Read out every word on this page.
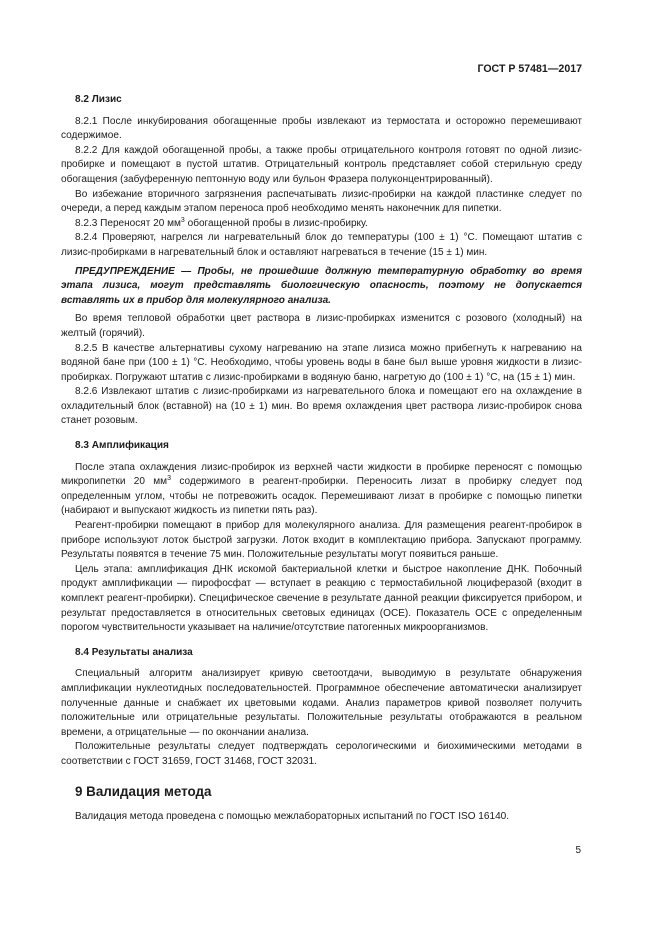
ГОСТ Р 57481—2017
8.2 Лизис

8.2.1 После инкубирования обогащенные пробы извлекают из термостата и осторожно перемешивают содержимое.

8.2.2 Для каждой обогащенной пробы, а также пробы отрицательного контроля готовят по одной лизис-пробирке и помещают в пустой штатив. Отрицательный контроль представляет собой стерильную среду обогащения (забуференную пептонную воду или бульон Фразера полуконцентрированный).

Во избежание вторичного загрязнения распечатывать лизис-пробирки на каждой пластинке следует по очереди, а перед каждым этапом переноса проб необходимо менять наконечник для пипетки.

8.2.3 Переносят 20 $мм^3$ обогащенной пробы в лизис-пробирку.

8.2.4 Проверяют, нагрелся ли нагревательный блок до температуры (100 ± 1) °С. Помещают штатив с лизис-пробирками в нагревательный блок и оставляют нагреваться в течение (15 ± 1) мин.

ПРЕДУПРЕЖДЕНИЕ — Пробы, не прошедшие должную температурную обработку во время этапа лизиса, могут представлять биологическую опасность, поэтому не допускается вставлять их в прибор для молекулярного анализа.

Во время тепловой обработки цвет раствора в лизис-пробирках изменится с розового (холодный) на желтый (горячий).

8.2.5 В качестве альтернативы сухому нагреванию на этапе лизиса можно прибегнуть к нагреванию на водяной бане при (100 ± 1) °С. Необходимо, чтобы уровень воды в бане был выше уровня жидкости в лизис-пробирках. Погружают штатив с лизис-пробирками в водяную баню, нагретую до (100 ± 1) °С, на (15 ± 1) мин.

8.2.6 Извлекают штатив с лизис-пробирками из нагревательного блока и помещают его на охлаждение в охладительный блок (вставной) на (10 ± 1) мин. Во время охлаждения цвет раствора лизис-пробирок снова станет розовым.

8.3 Амплификация

После этапа охлаждения лизис-пробирок из верхней части жидкости в пробирке переносят с помощью микропипетки 20 $мм^3$ содержимого в реагент-пробирки. Переносить лизат в пробирку следует под определенным углом, чтобы не потревожить осадок. Перемешивают лизат в пробирке с помощью пипетки (набирают и выпускают жидкость из пипетки пять раз).

Реагент-пробирки помещают в прибор для молекулярного анализа. Для размещения реагент-пробирок в приборе используют лоток быстрой загрузки. Лоток входит в комплектацию прибора. Запускают программу. Результаты появятся в течение 75 мин. Положительные результаты могут появиться раньше.

Цель этапа: амплификация ДНК искомой бактериальной клетки и быстрое накопление ДНК. Побочный продукт амплификации — пирофосфат — вступает в реакцию с термостабильной люциферазой (входит в комплект реагент-пробирки). Специфическое свечение в результате данной реакции фиксируется прибором, и результат предоставляется в относительных световых единицах (ОСЕ). Показатель ОСЕ с определенным порогом чувствительности указывает на наличие/отсутствие патогенных микроорганизмов.

8.4 Результаты анализа

Специальный алгоритм анализирует кривую светоотдачи, выводимую в результате обнаружения амплификации нуклеотидных последовательностей. Программное обеспечение автоматически анализирует полученные данные и снабжает их цветовыми кодами. Анализ параметров кривой позволяет получить положительные или отрицательные результаты. Положительные результаты отображаются в реальном времени, а отрицательные — по окончании анализа.

Положительные результаты следует подтверждать серологическими и биохимическими методами в соответствии с ГОСТ 31659, ГОСТ 31468, ГОСТ 32031.

9 Валидация метода

Валидация метода проведена с помощью межлабораторных испытаний по ГОСТ ISO 16140.

5
